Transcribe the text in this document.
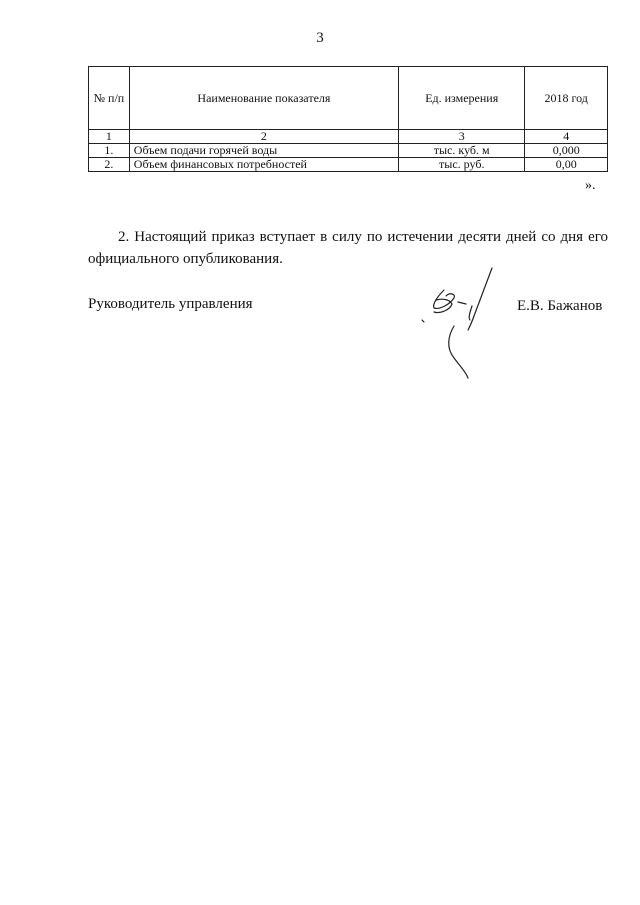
3
№ п/п	Наименование показателя	Ед. измерения	2018 год
1	2	3	4
1.	Объем подачи горячей воды	тыс. куб. м	0,000
2.	Объем финансовых потребностей	тыс. руб.	0,00
».

2. Настоящий приказ вступает в силу по истечении десяти дней со дня его официального опубликования.

Руководитель управления	Е.В. Бажанов
